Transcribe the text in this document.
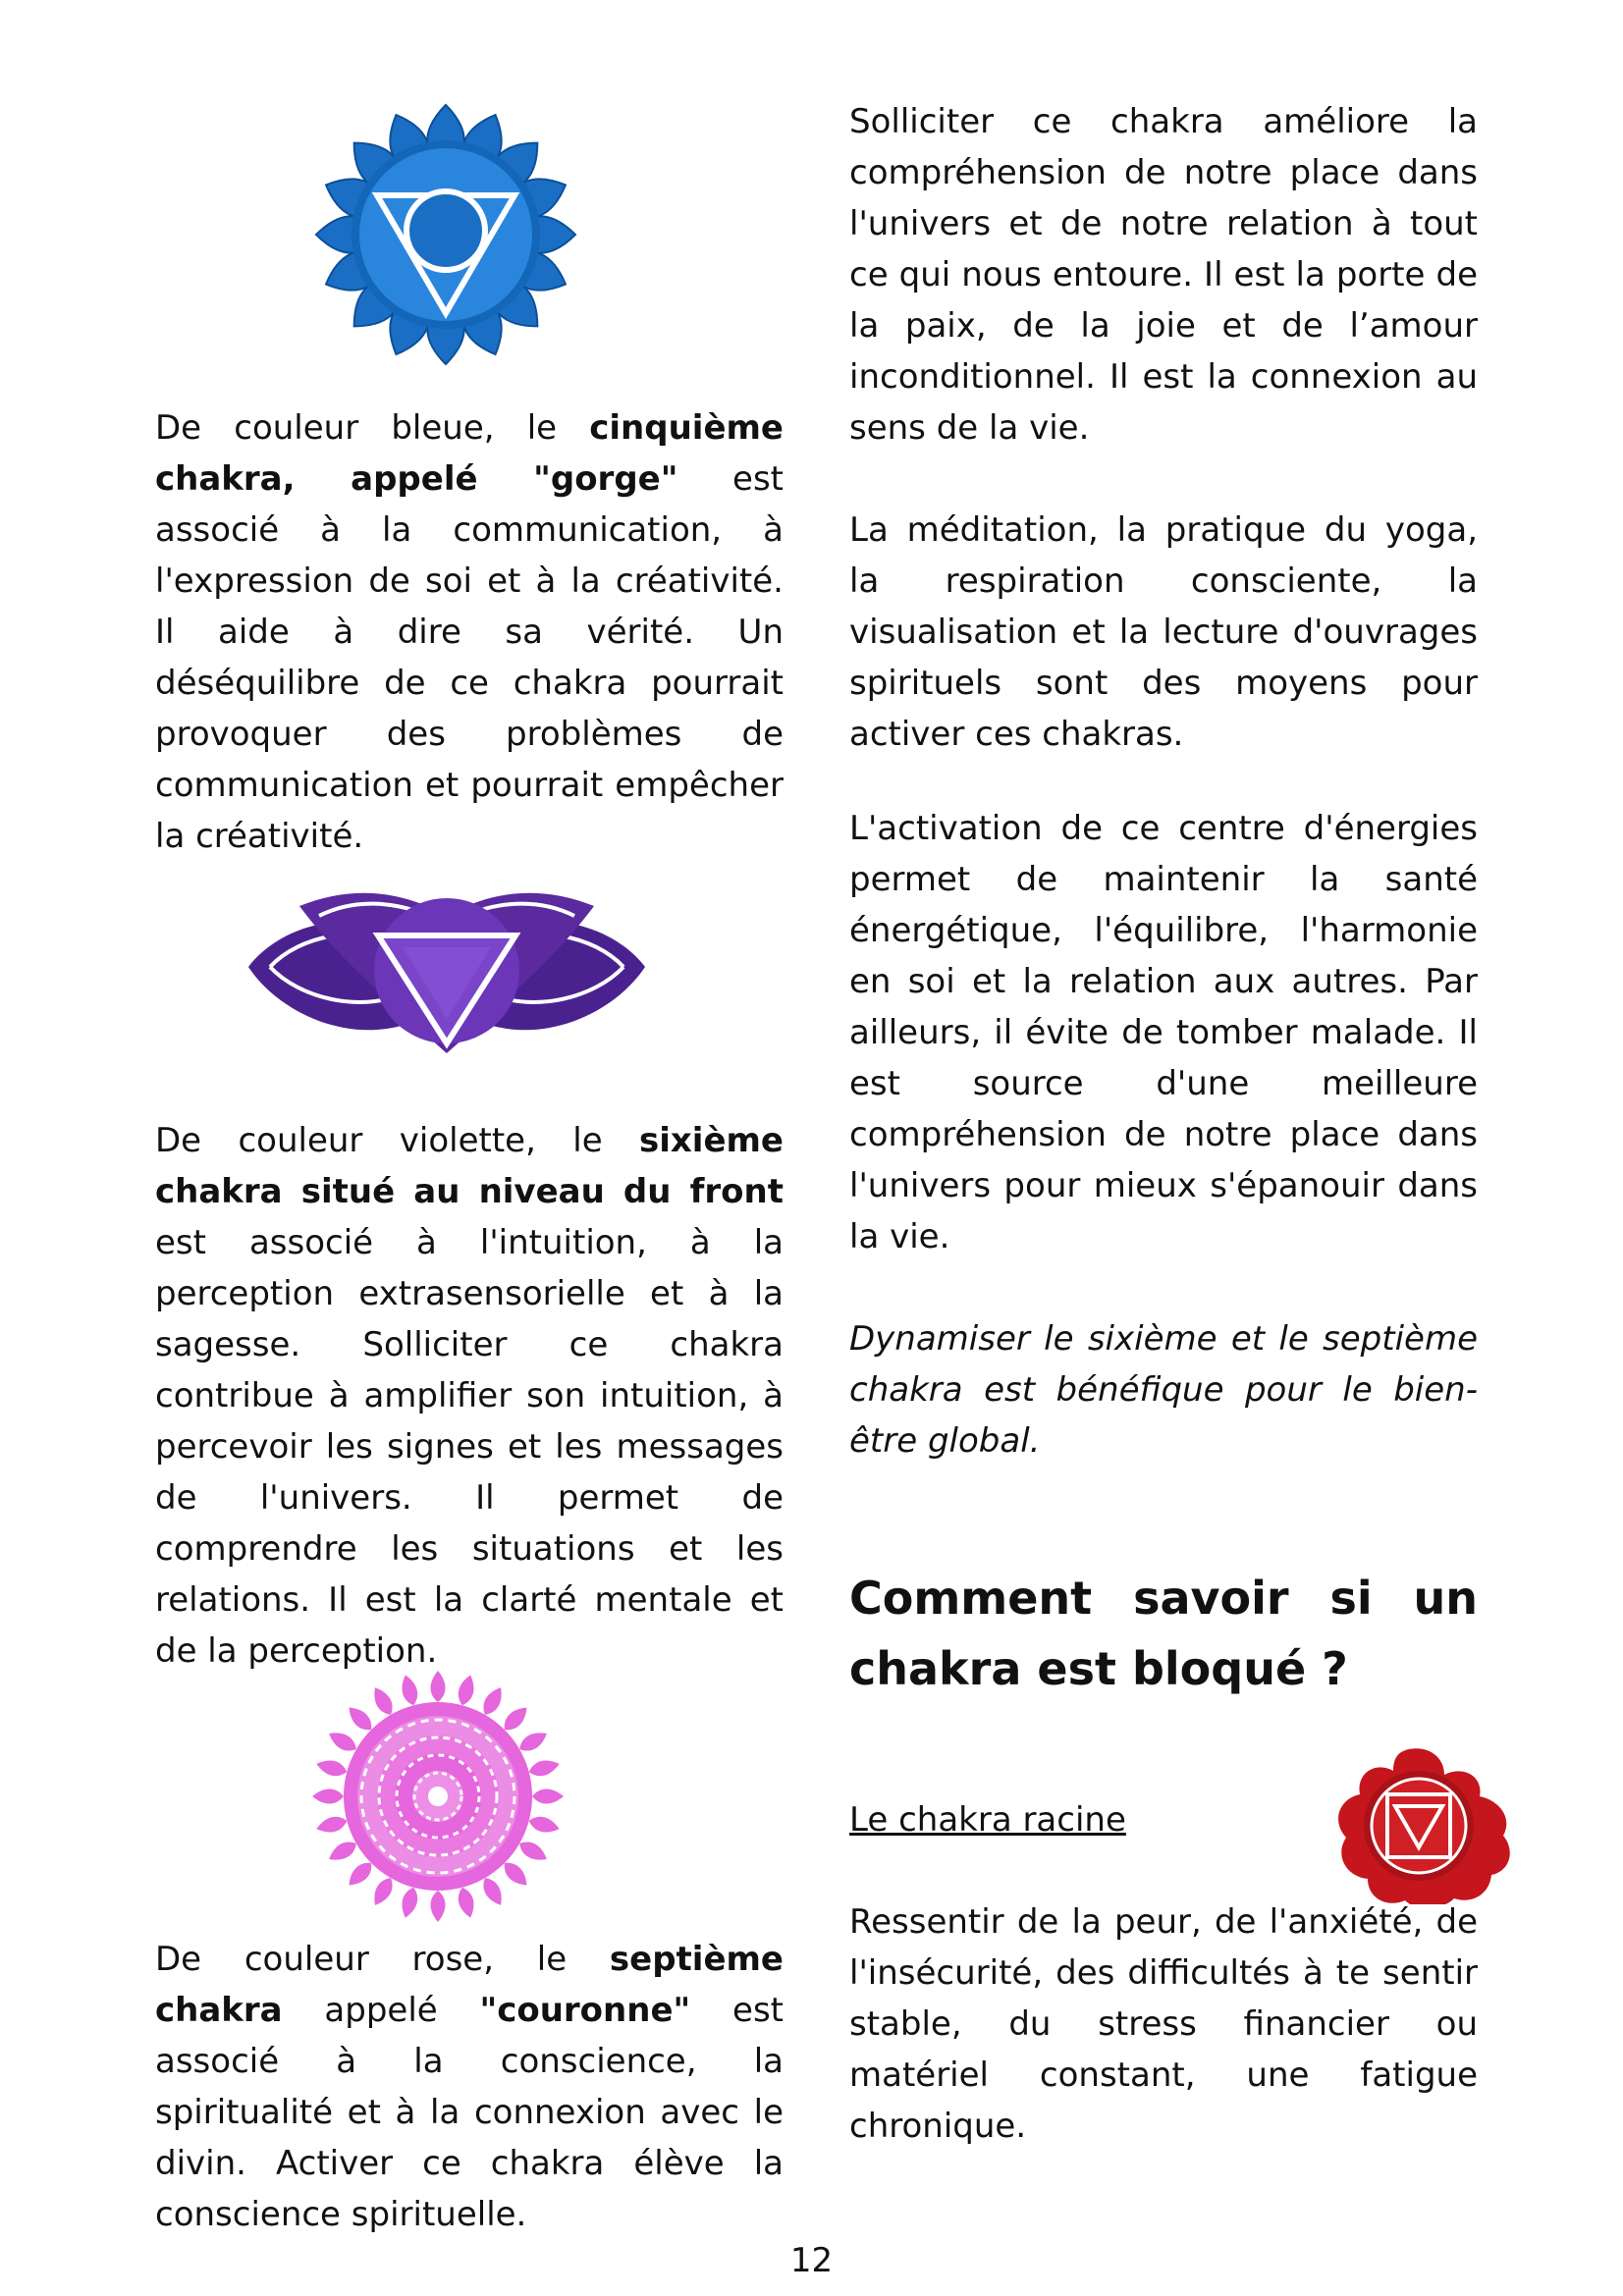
De couleur bleue, le cinquième chakra, appelé "gorge" est associé à la communication, à l'expression de soi et à la créativité. Il aide à dire sa vérité. Un déséquilibre de ce chakra pourrait provoquer des problèmes de communication et pourrait empêcher la créativité.

De couleur violette, le sixième chakra situé au niveau du front est associé à l'intuition, à la perception extrasensorielle et à la sagesse. Solliciter ce chakra contribue à amplifier son intuition, à percevoir les signes et les messages de l'univers. Il permet de comprendre les situations et les relations. Il est la clarté mentale et de la perception.

De couleur rose, le septième chakra appelé "couronne" est associé à la conscience, la spiritualité et à la connexion avec le divin. Activer ce chakra élève la conscience spirituelle.

Solliciter ce chakra améliore la compréhension de notre place dans l'univers et de notre relation à tout ce qui nous entoure. Il est la porte de la paix, de la joie et de l’amour inconditionnel. Il est la connexion au sens de la vie.

La méditation, la pratique du yoga, la respiration consciente, la visualisation et la lecture d'ouvrages spirituels sont des moyens pour activer ces chakras.

L'activation de ce centre d'énergies permet de maintenir la santé énergétique, l'équilibre, l'harmonie en soi et la relation aux autres. Par ailleurs, il évite de tomber malade. Il est source d'une meilleure compréhension de notre place dans l'univers pour mieux s'épanouir dans la vie.

Dynamiser le sixième et le septième chakra est bénéfique pour le bien-être global.

Comment savoir si un chakra est bloqué ?

Le chakra racine

Ressentir de la peur, de l'anxiété, de l'insécurité, des difficultés à te sentir stable, du stress financier ou matériel constant, une fatigue chronique.

12
